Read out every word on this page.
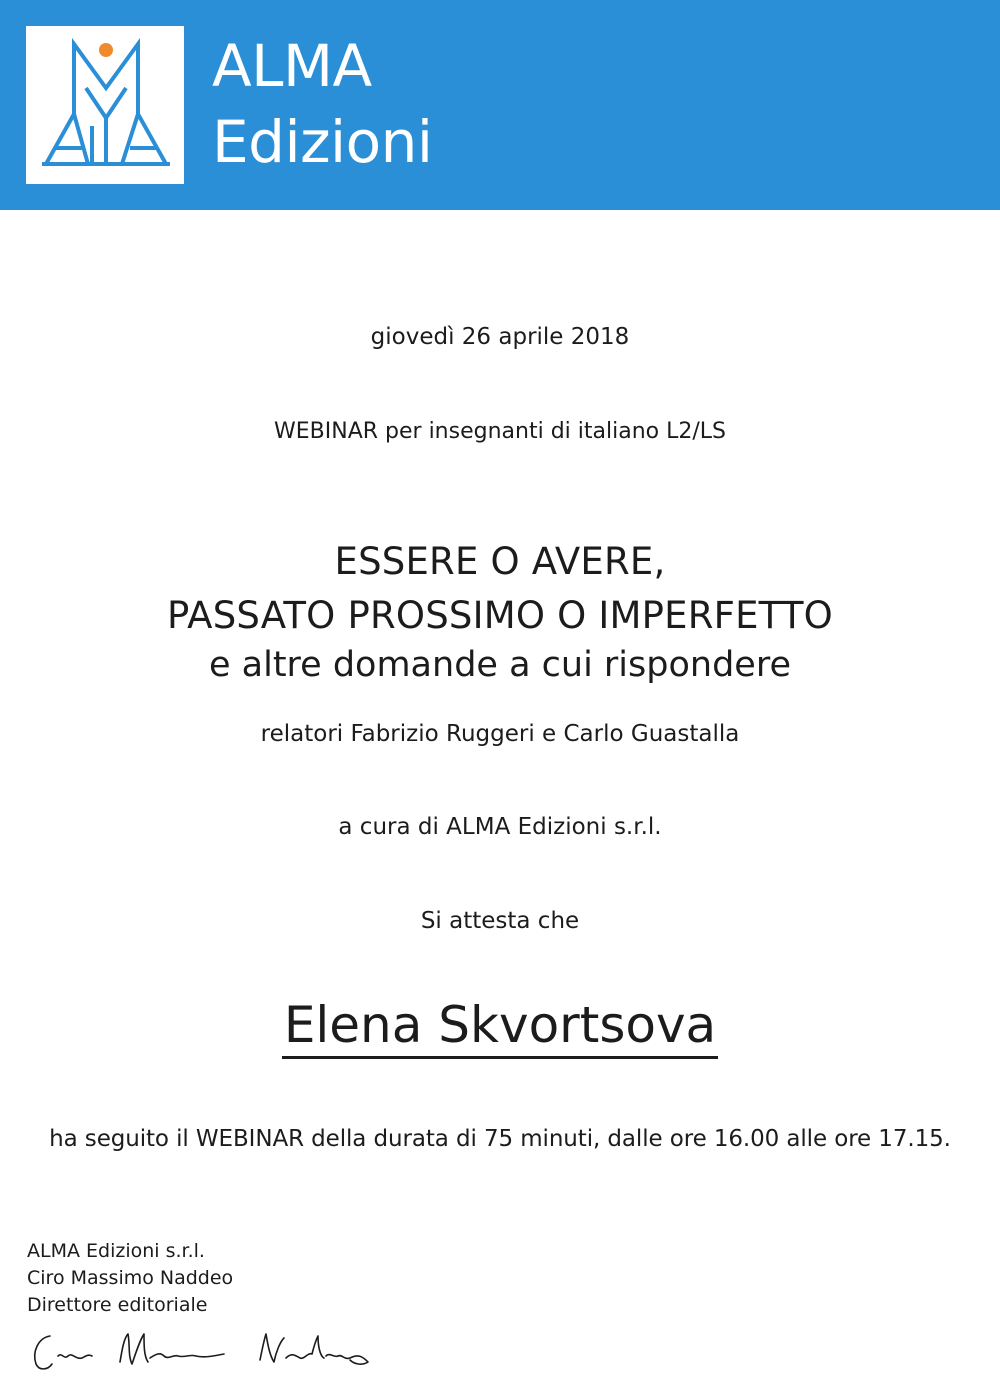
ALMA
Edizioni
giovedì 26 aprile 2018
WEBINAR per insegnanti di italiano L2/LS
ESSERE O AVERE,
PASSATO PROSSIMO O IMPERFETTO
e altre domande a cui rispondere
relatori Fabrizio Ruggeri e Carlo Guastalla
a cura di ALMA Edizioni s.r.l.
Si attesta che
Elena Skvortsova
ha seguito il WEBINAR della durata di 75 minuti, dalle ore 16.00 alle ore 17.15.
ALMA Edizioni s.r.l.
Ciro Massimo Naddeo
Direttore editoriale
